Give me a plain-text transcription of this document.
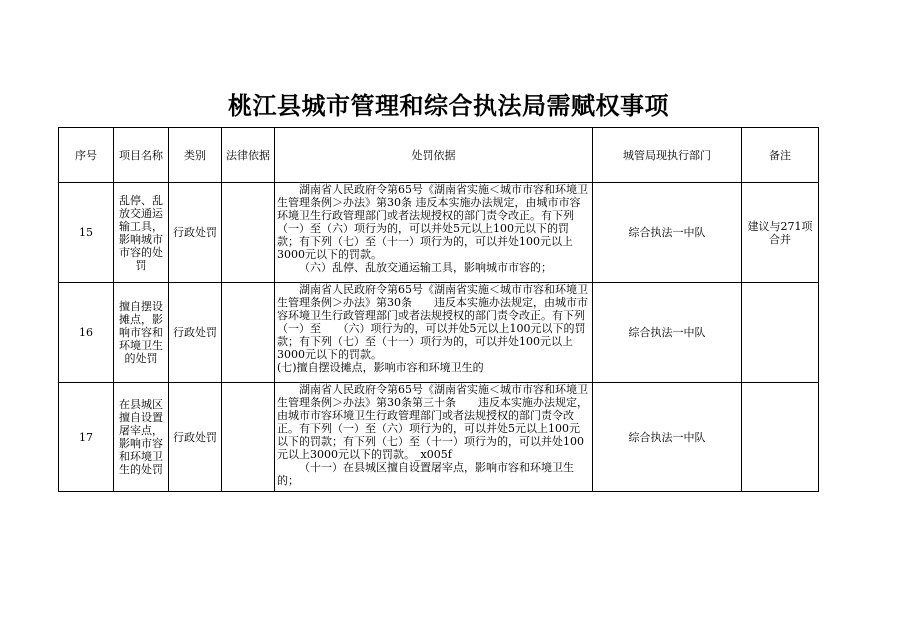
桃江县城市管理和综合执法局需赋权事项
序号	项目名称	类别	法律依据	处罚依据	城管局现执行部门	备注
15	乱停、乱放交通运输工具，影响城市市容的处罚	行政处罚		湖南省人民政府令第65号《湖南省实施＜城市市容和环境卫生管理条例＞办法》第30条 违反本实施办法规定，由城市市容环境卫生行政管理部门或者法规授权的部门责令改正。有下列（一）至（六）项行为的，可以并处5元以上100元以下的罚款；有下列（七）至（十一）项行为的，可以并处100元以上3000元以下的罚款。

（六）乱停、乱放交通运输工具，影响城市市容的；	综合执法一中队	建议与271项合并
16	擅自摆设摊点，影响市容和环境卫生的处罚	行政处罚		湖南省人民政府令第65号《湖南省实施＜城市市容和环境卫生管理条例＞办法》第30条　　违反本实施办法规定，由城市市容环境卫生行政管理部门或者法规授权的部门责令改正。有下列（一）至　　（六）项行为的，可以并处5元以上100元以下的罚款；有下列（七）至（十一）项行为的，可以并处100元以上3000元以下的罚款。

(七)擅自摆设摊点，影响市容和环境卫生的	综合执法一中队	
17	在县城区擅自设置屠宰点，影响市容和环境卫生的处罚	行政处罚		湖南省人民政府令第65号《湖南省实施＜城市市容和环境卫生管理条例＞办法》第30条第三十条　　违反本实施办法规定，由城市市容环境卫生行政管理部门或者法规授权的部门责令改正。有下列（一）至（六）项行为的，可以并处5元以上100元以下的罚款；有下列（七）至（十一）项行为的，可以并处100元以上3000元以下的罚款。_x005f

（十一）在县城区擅自设置屠宰点，影响市容和环境卫生的；	综合执法一中队	
